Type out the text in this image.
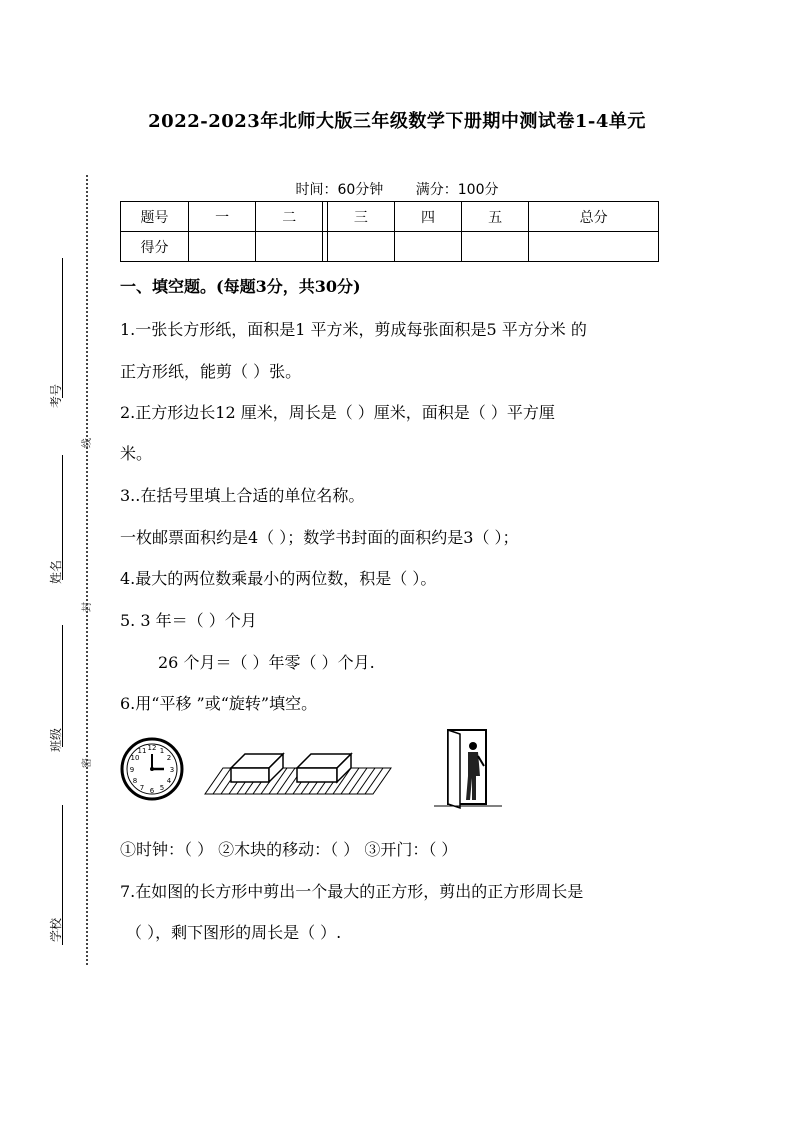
2022-2023年北师大版三年级数学下册期中测试卷1-4单元
时间：60分钟 满分：100分
题号	一	二		三	四	五	总分
得分							
考号
姓名
班级
学校
线
封
密
一、填空题。(每题3分，共30分)
1.一张长方形纸，面积是1 平方米，剪成每张面积是5 平方分米 的
正方形纸，能剪（ ）张。
2.正方形边长12 厘米，周长是（ ）厘米，面积是（ ）平方厘
米。
3..在括号里填上合适的单位名称。
一枚邮票面积约是4（ ）；数学书封面的面积约是3（ ）；
4.最大的两位数乘最小的两位数，积是（ ）。
5. 3 年＝（ ）个月
26 个月＝（ ）年零（ ）个月.
6.用“平移 ”或“旋转”填空。
12 1
2
3
4
5
6
7
8
9
10
11
①时钟：（ ） ②木块的移动：（ ） ③开门：（ ）
7.在如图的长方形中剪出一个最大的正方形，剪出的正方形周长是
（ ），剩下图形的周长是（ ）.
